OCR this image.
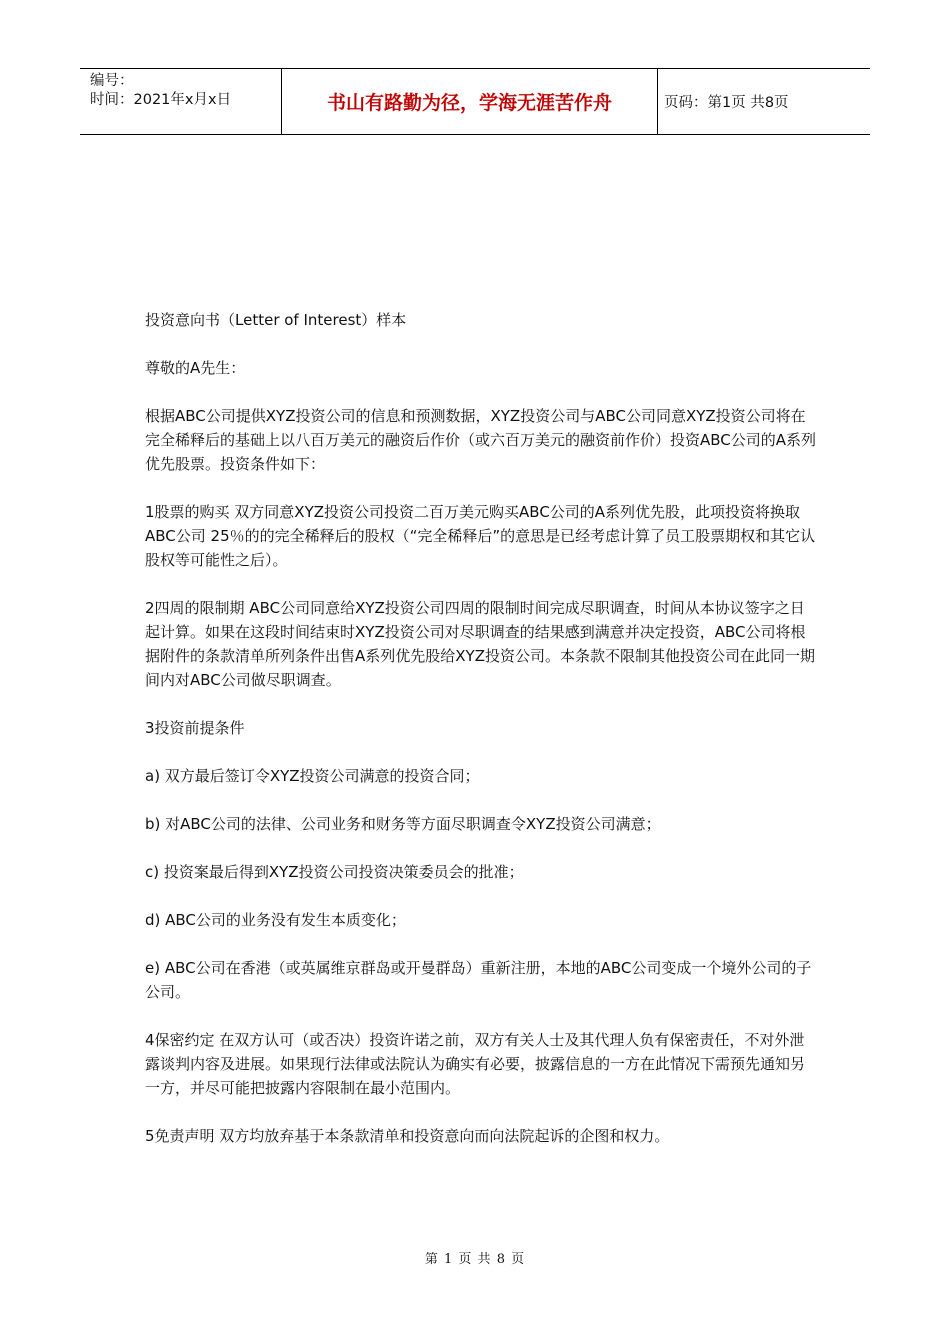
编号：
时间：2021年x月x日	书山有路勤为径，学海无涯苦作舟	页码：第1页 共8页

投资意向书（Letter of Interest）样本

尊敬的A先生：

根据ABC公司提供XYZ投资公司的信息和预测数据，XYZ投资公司与ABC公司同意XYZ投资公司将在完全稀释后的基础上以八百万美元的融资后作价（或六百万美元的融资前作价）投资ABC公司的A系列优先股票。投资条件如下：

1股票的购买 双方同意XYZ投资公司投资二百万美元购买ABC公司的A系列优先股，此项投资将换取ABC公司 25％的的完全稀释后的股权（“完全稀释后”的意思是已经考虑计算了员工股票期权和其它认股权等可能性之后）。

2四周的限制期 ABC公司同意给XYZ投资公司四周的限制时间完成尽职调查，时间从本协议签字之日起计算。如果在这段时间结束时XYZ投资公司对尽职调查的结果感到满意并决定投资，ABC公司将根据附件的条款清单所列条件出售A系列优先股给XYZ投资公司。本条款不限制其他投资公司在此同一期间内对ABC公司做尽职调查。

3投资前提条件

a) 双方最后签订令XYZ投资公司满意的投资合同；

b) 对ABC公司的法律、公司业务和财务等方面尽职调查令XYZ投资公司满意；

c) 投资案最后得到XYZ投资公司投资决策委员会的批准；

d) ABC公司的业务没有发生本质变化；

e) ABC公司在香港（或英属维京群岛或开曼群岛）重新注册，本地的ABC公司变成一个境外公司的子公司。

4保密约定 在双方认可（或否决）投资许诺之前，双方有关人士及其代理人负有保密责任，不对外泄露谈判内容及进展。如果现行法律或法院认为确实有必要，披露信息的一方在此情况下需预先通知另一方，并尽可能把披露内容限制在最小范围内。

5免责声明 双方均放弃基于本条款清单和投资意向而向法院起诉的企图和权力。

第 1 页 共 8 页
